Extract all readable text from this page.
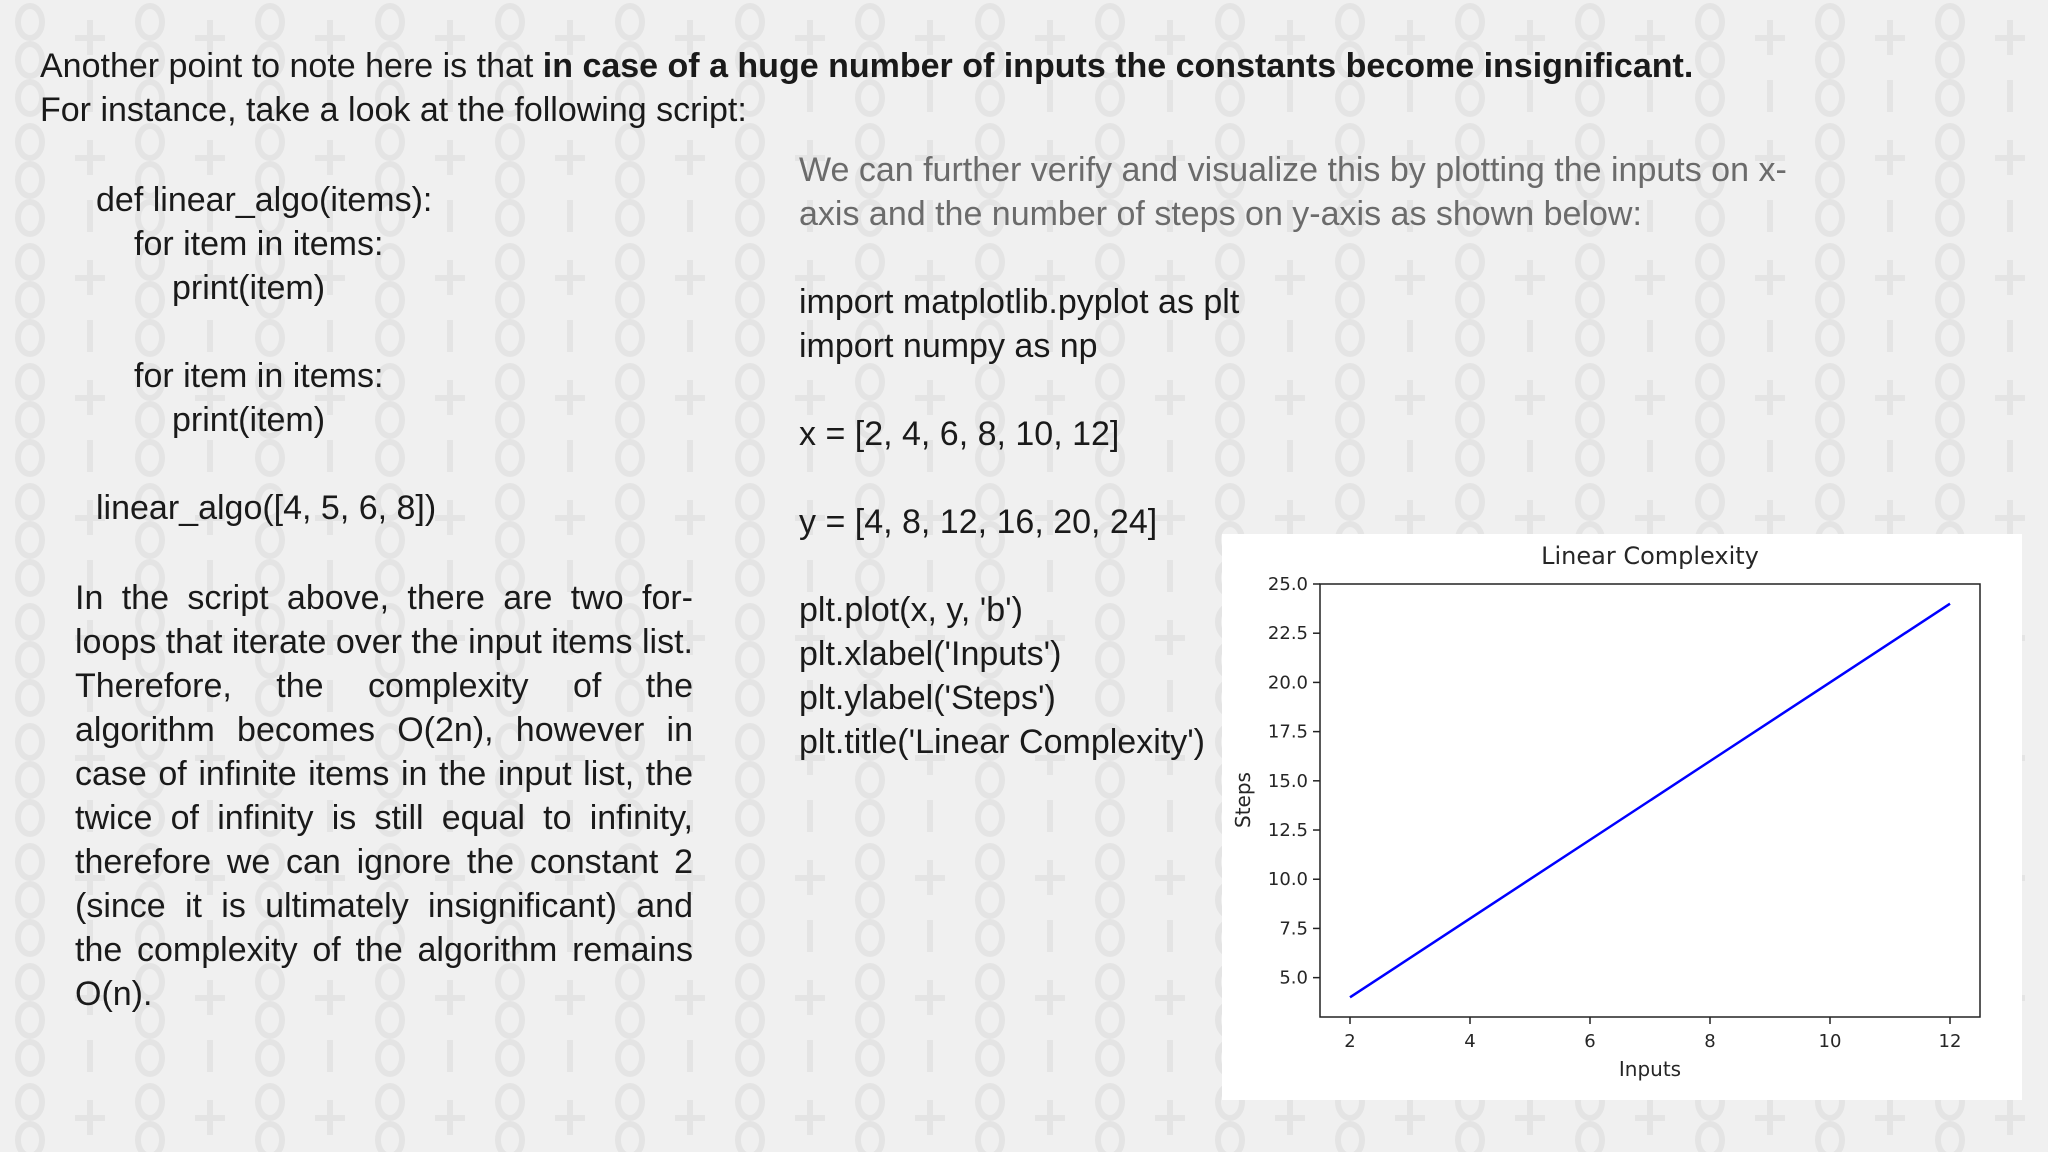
Another point to note here is that in case of a huge number of inputs the constants become insignificant. For instance, take a look at the following script:

def linear_algo(items):
for item in items:
print(item)
for item in items:
print(item)
linear_algo([4, 5, 6, 8])

In the script above, there are two for-loops that iterate over the input items list. Therefore, the complexity of the algorithm becomes O(2n), however in case of infinite items in the input list, the twice of infinity is still equal to infinity, therefore we can ignore the constant 2 (since it is ultimately insignificant) and the complexity of the algorithm remains O(n).

We can further verify and visualize this by plotting the inputs on x-axis and the number of steps on y-axis as shown below:

import matplotlib.pyplot as plt
import numpy as np
x = [2, 4, 6, 8, 10, 12]
y = [4, 8, 12, 16, 20, 24]
plt.plot(x, y, 'b')
plt.xlabel('Inputs')
plt.ylabel('Steps')
plt.title('Linear Complexity')
Linear Complexity
2	4	6	8	10	12
5.0
7.5
10.0
12.5
15.0
17.5
20.0
22.5
25.0
Inputs
Steps
